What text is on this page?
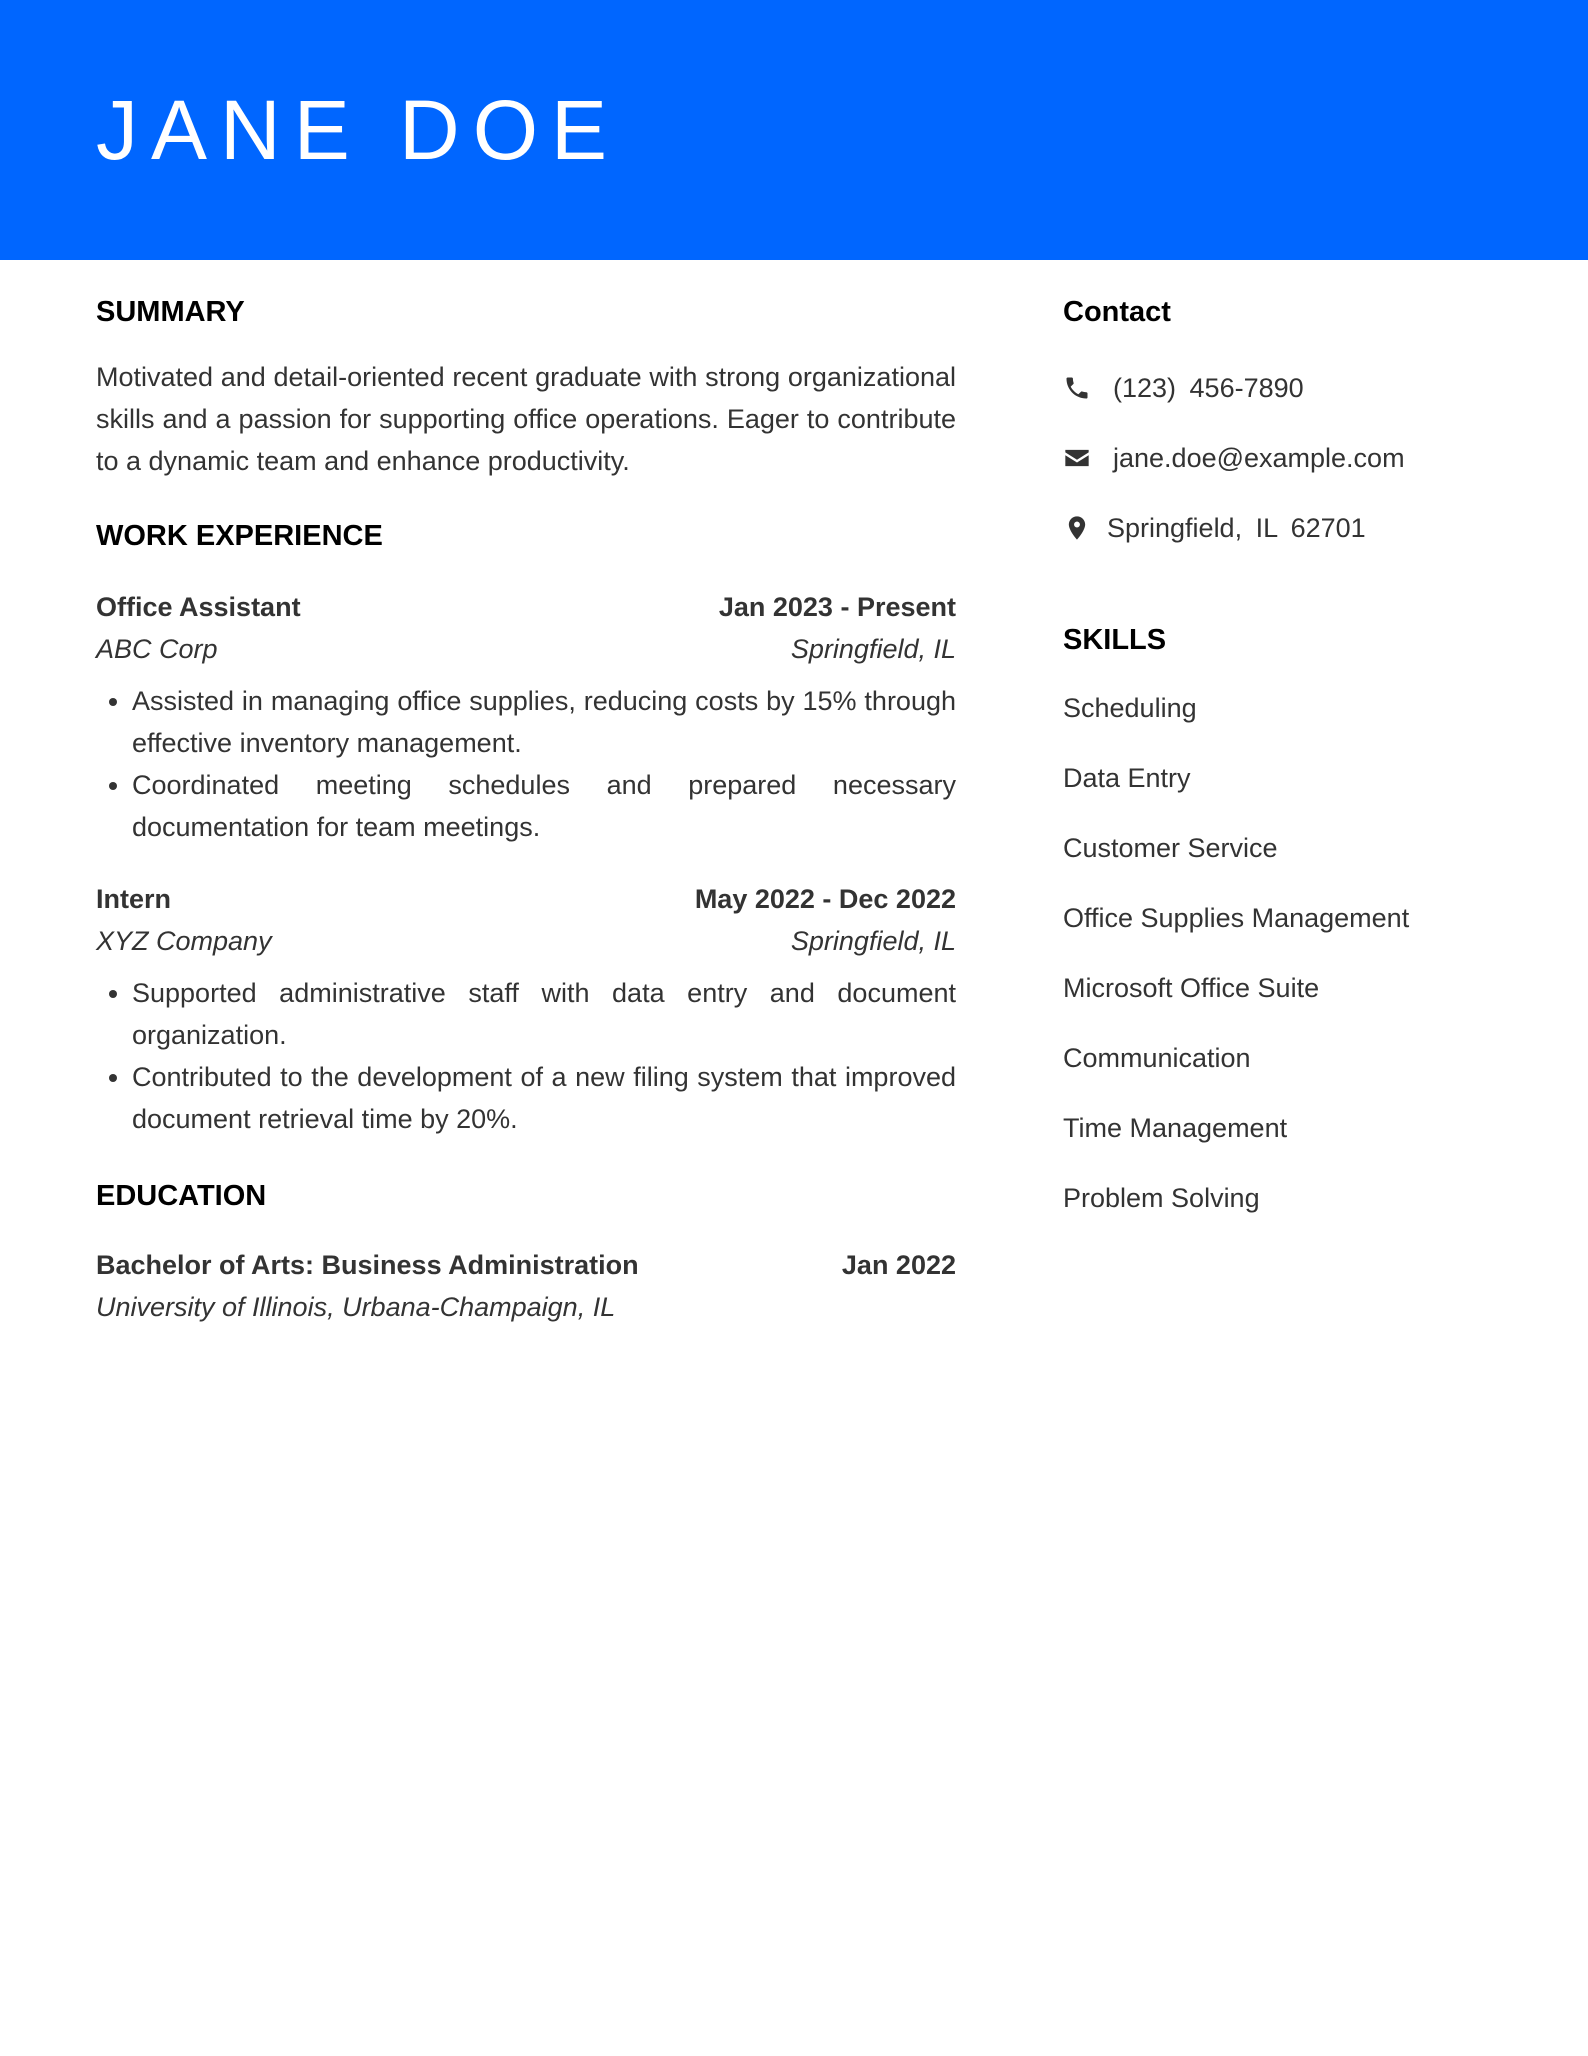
JANE DOE
SUMMARY

Motivated and detail-oriented recent graduate with strong organizational skills and a passion for supporting office operations. Eager to contribute to a dynamic team and enhance productivity.

WORK EXPERIENCE
Office Assistant	Jan 2023 - Present
ABC Corp	Springfield, IL
• Assisted in managing office supplies, reducing costs by 15% through effective inventory management.
• Coordinated meeting schedules and prepared necessary documentation for team meetings.
Intern	May 2022 - Dec 2022
XYZ Company	Springfield, IL
• Supported administrative staff with data entry and document organization.
• Contributed to the development of a new filing system that improved document retrieval time by 20%.
EDUCATION
Bachelor of Arts: Business Administration	Jan 2022
University of Illinois, Urbana-Champaign, IL
Contact
(123) 456-7890
jane.doe@example.com
Springfield, IL 62701
SKILLS
Scheduling
Data Entry
Customer Service
Office Supplies Management
Microsoft Office Suite
Communication
Time Management
Problem Solving
